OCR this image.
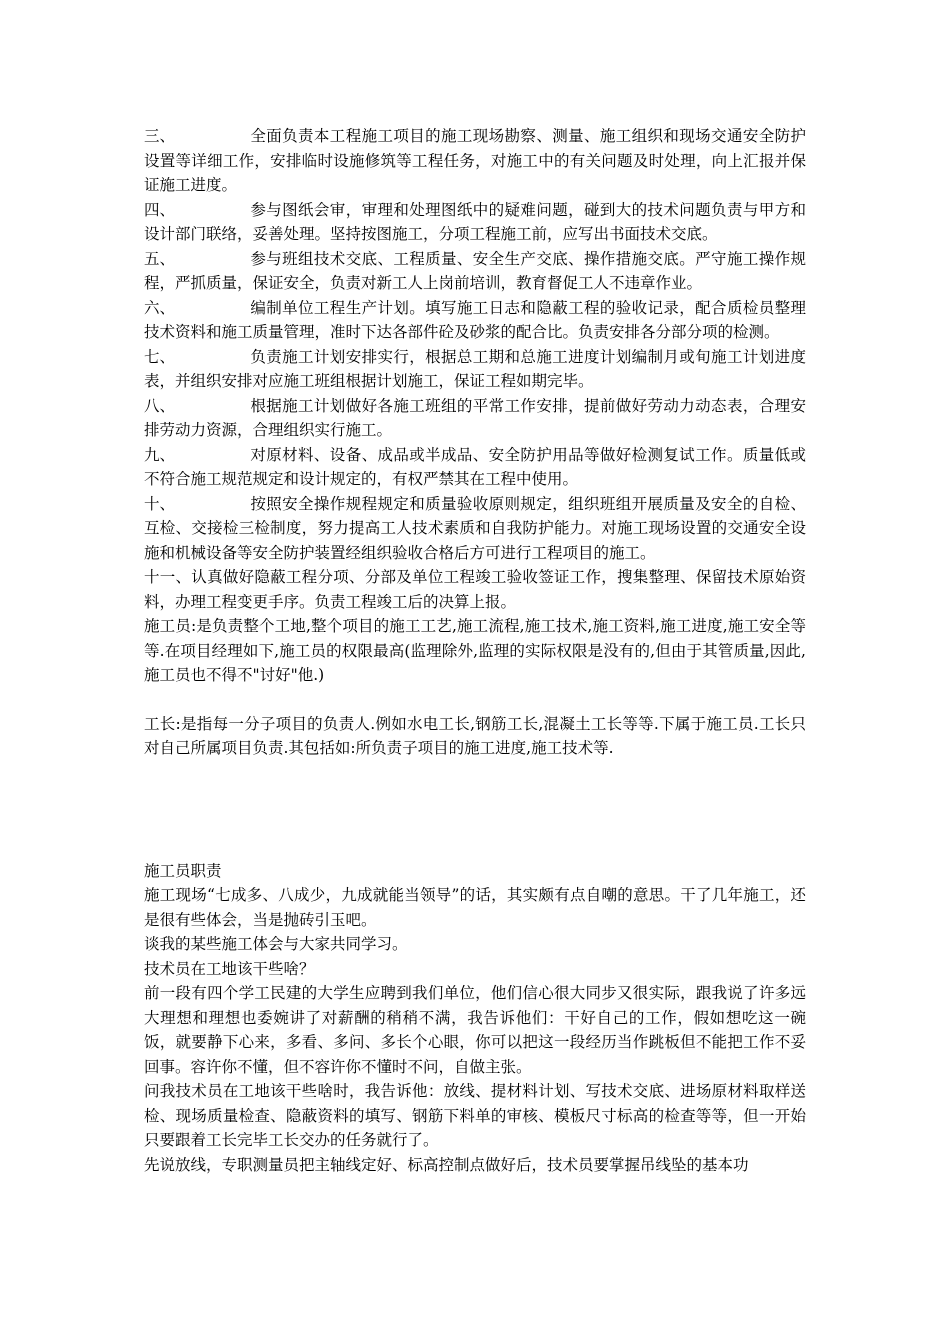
三、	全面负责本工程施工项目的施工现场勘察、测量、施工组织和现场交通安全防护设置等详细工作，安排临时设施修筑等工程任务，对施工中的有关问题及时处理，向上汇报并保证施工进度。

四、	参与图纸会审，审理和处理图纸中的疑难问题，碰到大的技术问题负责与甲方和设计部门联络，妥善处理。坚持按图施工，分项工程施工前，应写出书面技术交底。

五、	参与班组技术交底、工程质量、安全生产交底、操作措施交底。严守施工操作规程，严抓质量，保证安全，负责对新工人上岗前培训，教育督促工人不违章作业。

六、	编制单位工程生产计划。填写施工日志和隐蔽工程的验收记录，配合质检员整理技术资料和施工质量管理，准时下达各部件砼及砂浆的配合比。负责安排各分部分项的检测。

七、	负责施工计划安排实行，根据总工期和总施工进度计划编制月或旬施工计划进度表，并组织安排对应施工班组根据计划施工，保证工程如期完毕。

八、	根据施工计划做好各施工班组的平常工作安排，提前做好劳动力动态表，合理安排劳动力资源，合理组织实行施工。

九、	对原材料、设备、成品或半成品、安全防护用品等做好检测复试工作。质量低或不符合施工规范规定和设计规定的，有权严禁其在工程中使用。

十、	按照安全操作规程规定和质量验收原则规定，组织班组开展质量及安全的自检、互检、交接检三检制度，努力提高工人技术素质和自我防护能力。对施工现场设置的交通安全设施和机械设备等安全防护装置经组织验收合格后方可进行工程项目的施工。

十一、认真做好隐蔽工程分项、分部及单位工程竣工验收签证工作，搜集整理、保留技术原始资料，办理工程变更手序。负责工程竣工后的决算上报。

施工员:是负责整个工地,整个项目的施工工艺,施工流程,施工技术,施工资料,施工进度,施工安全等等.在项目经理如下,施工员的权限最高(监理除外,监理的实际权限是没有的,但由于其管质量,因此,施工员也不得不"讨好"他.)

工长:是指每一分子项目的负责人.例如水电工长,钢筋工长,混凝土工长等等.下属于施工员.工长只对自己所属项目负责.其包括如:所负责子项目的施工进度,施工技术等.

施工员职责

施工现场“七成多、八成少，九成就能当领导”的话，其实颇有点自嘲的意思。干了几年施工，还是很有些体会，当是抛砖引玉吧。

谈我的某些施工体会与大家共同学习。

技术员在工地该干些啥？

前一段有四个学工民建的大学生应聘到我们单位，他们信心很大同步又很实际，跟我说了许多远大理想和理想也委婉讲了对薪酬的稍稍不满，我告诉他们：干好自己的工作，假如想吃这一碗饭，就要静下心来，多看、多问、多长个心眼，你可以把这一段经历当作跳板但不能把工作不妥回事。容许你不懂，但不容许你不懂时不问，自做主张。

问我技术员在工地该干些啥时，我告诉他：放线、提材料计划、写技术交底、进场原材料取样送检、现场质量检查、隐蔽资料的填写、钢筋下料单的审核、模板尺寸标高的检查等等，但一开始只要跟着工长完毕工长交办的任务就行了。

先说放线，专职测量员把主轴线定好、标高控制点做好后，技术员要掌握吊线坠的基本功
